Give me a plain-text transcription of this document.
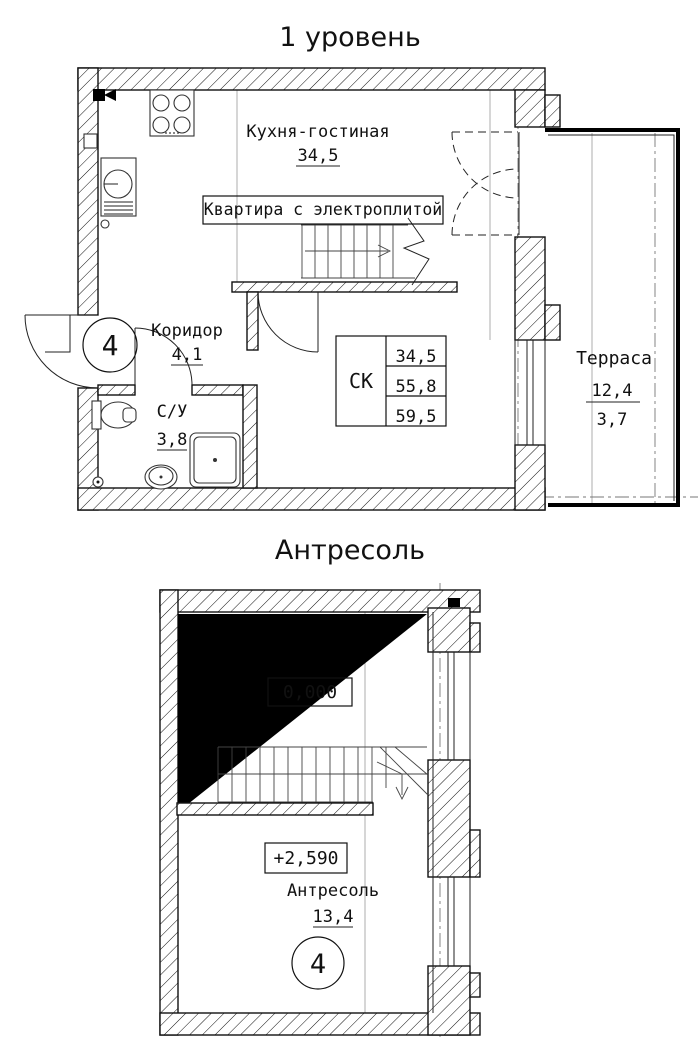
1 уровень
Кухня-гостиная
34,5
Квартира с электроплитой
Коридор
4,1
С/У
3,8
4
СК
34,5
55,8
59,5
Терраса
12,4
3,7
Антресоль
0,000
+2,590
Антресоль
13,4
4
